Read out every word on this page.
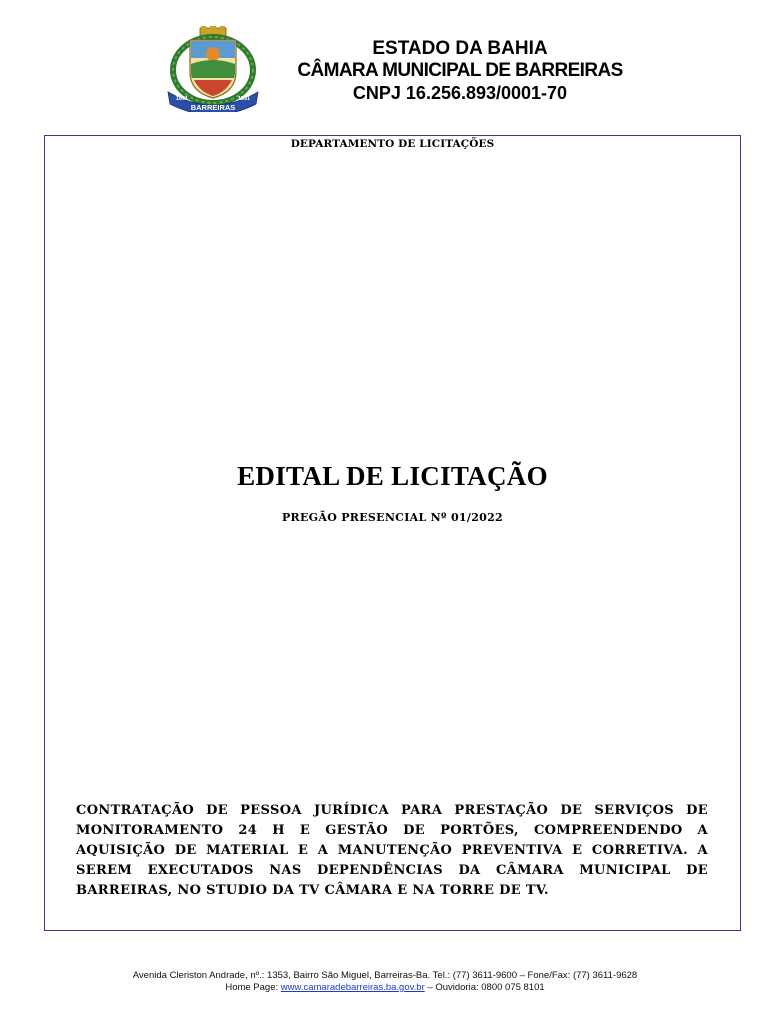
BARREIRAS
1891	1891
ESTADO DA BAHIA
CÂMARA MUNICIPAL DE BARREIRAS
CNPJ 16.256.893/0001-70
DEPARTAMENTO DE LICITAÇÕES
EDITAL DE LICITAÇÃO
PREGÃO PRESENCIAL Nº 01/2022
CONTRATAÇÃO DE PESSOA JURÍDICA PARA PRESTAÇÃO DE SERVIÇOS DE MONITORAMENTO 24 H E GESTÃO DE PORTÕES, COMPREENDENDO A AQUISIÇÃO DE MATERIAL E A MANUTENÇÃO PREVENTIVA E CORRETIVA. A SEREM EXECUTADOS NAS DEPENDÊNCIAS DA CÂMARA MUNICIPAL DE BARREIRAS, NO STUDIO DA TV CÂMARA E NA TORRE DE TV.
Avenida Cleriston Andrade, nº.: 1353, Bairro São Miguel, Barreiras-Ba. Tel.: (77) 3611-9600 – Fone/Fax: (77) 3611-9628
Home Page: www.camaradebarreiras.ba.gov.br – Ouvidoria: 0800 075 8101
